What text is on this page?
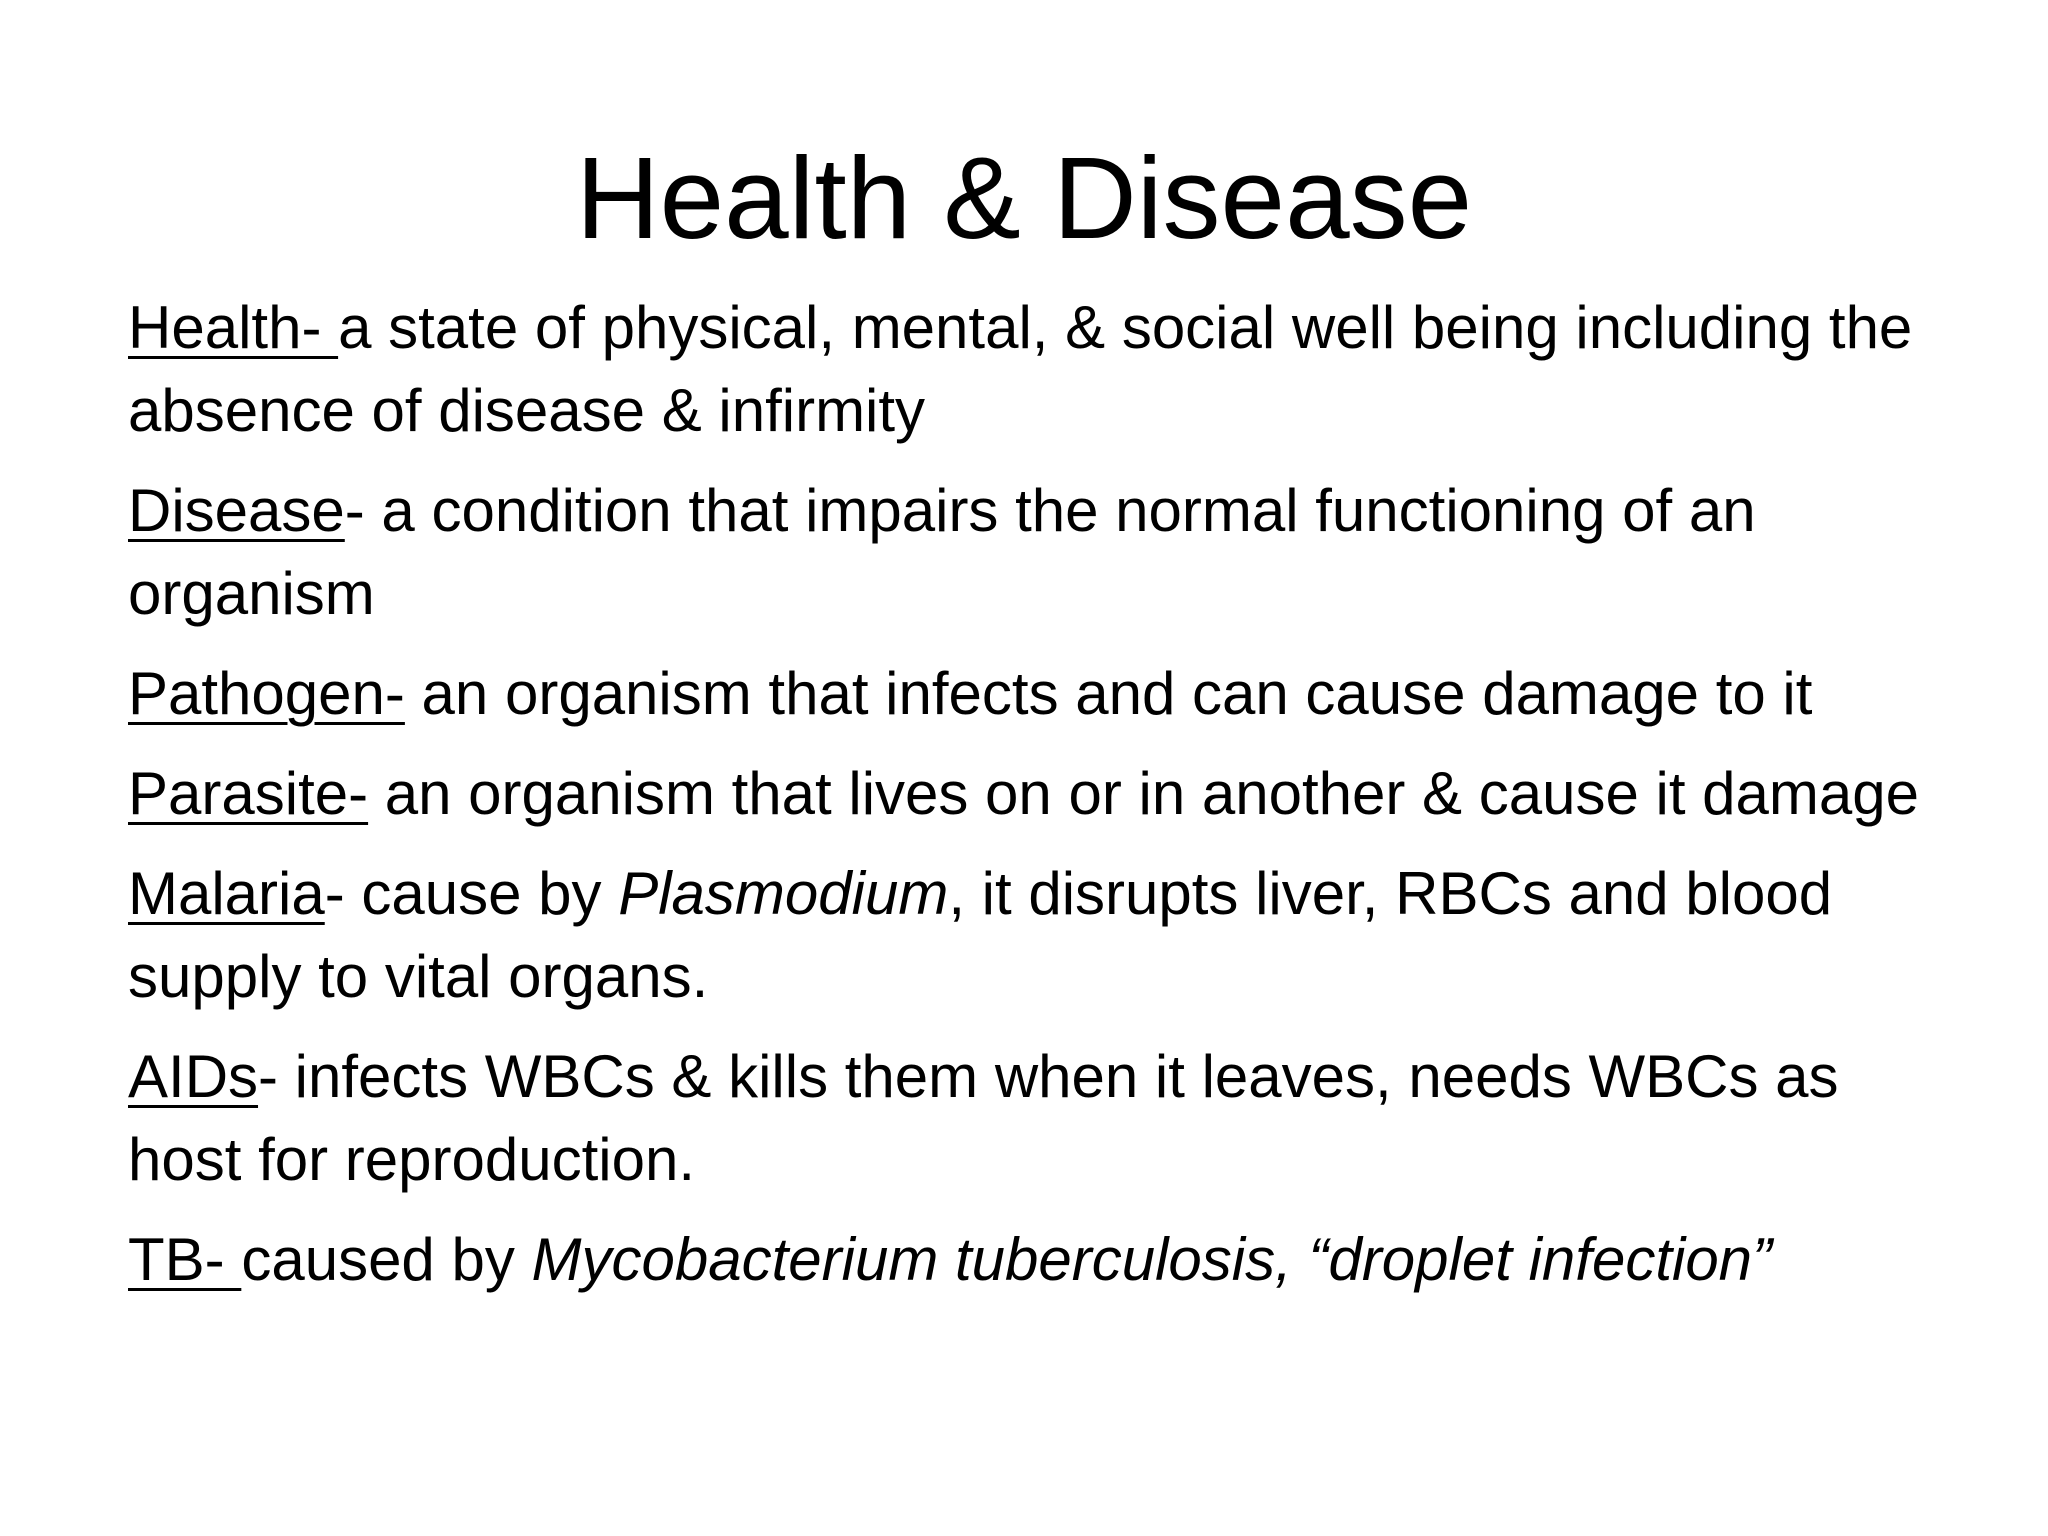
Health & Disease

Health- a state of physical, mental, & social well being including the absence of disease & infirmity

Disease- a condition that impairs the normal functioning of an organism

Pathogen- an organism that infects and can cause damage to it

Parasite- an organism that lives on or in another & cause it damage

Malaria- cause by Plasmodium, it disrupts liver, RBCs and blood supply to vital organs.

AIDs- infects WBCs & kills them when it leaves, needs WBCs as host for reproduction.

TB- caused by Mycobacterium tuberculosis, “droplet infection”
